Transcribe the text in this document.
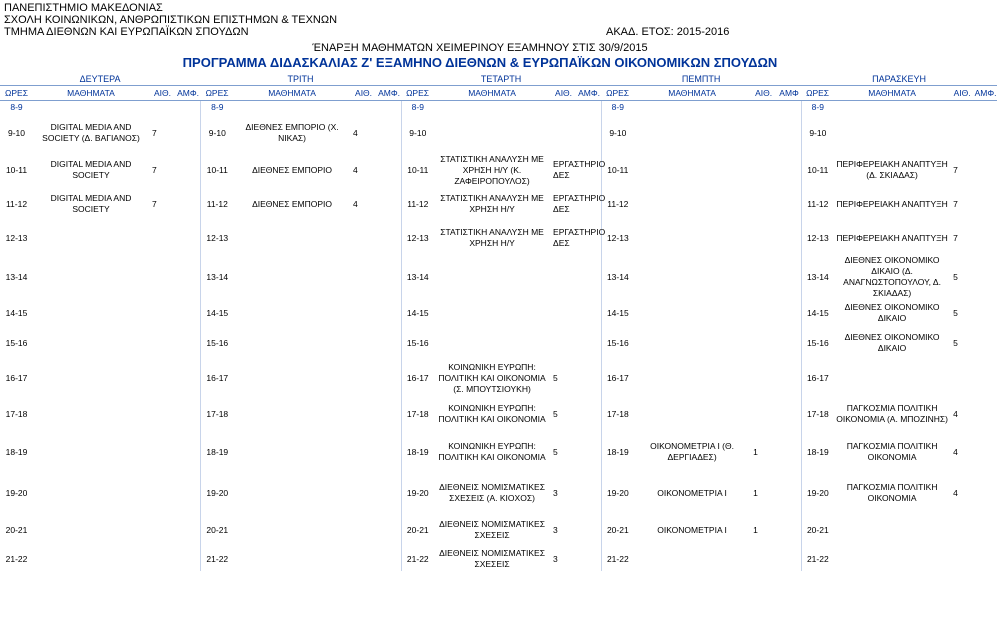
ΠΑΝΕΠΙΣΤΗΜΙΟ ΜΑΚΕΔΟΝΙΑΣ
ΣΧΟΛΗ ΚΟΙΝΩΝΙΚΩΝ, ΑΝΘΡΩΠΙΣΤΙΚΩΝ ΕΠΙΣΤΗΜΩΝ & ΤΕΧΝΩΝ
ΤΜΗΜΑ ΔΙΕΘΝΩΝ ΚΑΙ ΕΥΡΩΠΑΪΚΩΝ ΣΠΟΥΔΩΝ	ΑΚΑΔ. ΕΤΟΣ: 2015-2016
ΈΝΑΡΞΗ ΜΑΘΗΜΑΤΩΝ ΧΕΙΜΕΡΙΝΟΥ ΕΞΑΜΗΝΟΥ ΣΤΙΣ 30/9/2015
ΠΡΟΓΡΑΜΜΑ ΔΙΔΑΣΚΑΛΙΑΣ Ζ' ΕΞΑΜΗΝΟ ΔΙΕΘΝΩΝ & ΕΥΡΩΠΑΪΚΩΝ ΟΙΚΟΝΟΜΙΚΩΝ ΣΠΟΥΔΩΝ
ΔΕΥΤΕΡΑ				ΤΡΙΤΗ				ΤΕΤΑΡΤΗ				ΠΕΜΠΤΗ				ΠΑΡΑΣΚΕΥΗ			
ΩΡΕΣ	ΜΑΘΗΜΑΤΑ	ΑΙΘ.	ΑΜΦ.	ΩΡΕΣ	ΜΑΘΗΜΑΤΑ	ΑΙΘ.	ΑΜΦ.	ΩΡΕΣ	ΜΑΘΗΜΑΤΑ	ΑΙΘ.	ΑΜΦ.	ΩΡΕΣ	ΜΑΘΗΜΑΤΑ	ΑΙΘ.	ΑΜΦ	ΩΡΕΣ	ΜΑΘΗΜΑΤΑ	ΑΙΘ.	ΑΜΦ.
8-9				8-9				8-9				8-9				8-9			
9-10	DIGITAL MEDIA AND SOCIETY (Δ. ΒΑΓΙΑΝΟΣ)	7		9-10	ΔΙΕΘΝΕΣ ΕΜΠΟΡΙΟ (Χ. ΝΙΚΑΣ)	4		9-10				9-10				9-10			
10-11	DIGITAL MEDIA AND SOCIETY	7		10-11	ΔΙΕΘΝΕΣ ΕΜΠΟΡΙΟ	4		10-11	ΣΤΑΤΙΣΤΙΚΗ ΑΝΑΛΥΣΗ ΜΕ ΧΡΗΣΗ Η/Υ (Κ. ΖΑΦΕΙΡΟΠΟΥΛΟΣ)	ΕΡΓΑΣΤΗΡΙΟ ΔΕΣ		10-11				10-11	ΠΕΡΙΦΕΡΕΙΑΚΗ ΑΝΑΠΤΥΞΗ (Δ. ΣΚΙΑΔΑΣ)	7	
11-12	DIGITAL MEDIA AND SOCIETY	7		11-12	ΔΙΕΘΝΕΣ ΕΜΠΟΡΙΟ	4		11-12	ΣΤΑΤΙΣΤΙΚΗ ΑΝΑΛΥΣΗ ΜΕ ΧΡΗΣΗ Η/Υ	ΕΡΓΑΣΤΗΡΙΟ ΔΕΣ		11-12				11-12	ΠΕΡΙΦΕΡΕΙΑΚΗ ΑΝΑΠΤΥΞΗ	7	
12-13				12-13				12-13	ΣΤΑΤΙΣΤΙΚΗ ΑΝΑΛΥΣΗ ΜΕ ΧΡΗΣΗ Η/Υ	ΕΡΓΑΣΤΗΡΙΟ ΔΕΣ		12-13				12-13	ΠΕΡΙΦΕΡΕΙΑΚΗ ΑΝΑΠΤΥΞΗ	7	
13-14				13-14				13-14				13-14				13-14	ΔΙΕΘΝΕΣ ΟΙΚΟΝΟΜΙΚΟ ΔΙΚΑΙΟ (Δ. ΑΝΑΓΝΩΣΤΟΠΟΥΛΟΥ, Δ. ΣΚΙΑΔΑΣ)	5	
14-15				14-15				14-15				14-15				14-15	ΔΙΕΘΝΕΣ ΟΙΚΟΝΟΜΙΚΟ ΔΙΚΑΙΟ	5	
15-16				15-16				15-16				15-16				15-16	ΔΙΕΘΝΕΣ ΟΙΚΟΝΟΜΙΚΟ ΔΙΚΑΙΟ	5	
16-17				16-17				16-17	ΚΟΙΝΩΝΙΚΗ ΕΥΡΩΠΗ: ΠΟΛΙΤΙΚΗ ΚΑΙ ΟΙΚΟΝΟΜΙΑ (Σ. ΜΠΟΥΤΣΙΟΥΚΗ)	5		16-17				16-17			
17-18				17-18				17-18	ΚΟΙΝΩΝΙΚΗ ΕΥΡΩΠΗ: ΠΟΛΙΤΙΚΗ ΚΑΙ ΟΙΚΟΝΟΜΙΑ	5		17-18				17-18	ΠΑΓΚΟΣΜΙΑ ΠΟΛΙΤΙΚΗ ΟΙΚΟΝΟΜΙΑ (Α. ΜΠΟΖΙΝΗΣ)	4	
18-19				18-19				18-19	ΚΟΙΝΩΝΙΚΗ ΕΥΡΩΠΗ: ΠΟΛΙΤΙΚΗ ΚΑΙ ΟΙΚΟΝΟΜΙΑ	5		18-19	ΟΙΚΟΝΟΜΕΤΡΙΑ Ι (Θ. ΔΕΡΓΙΑΔΕΣ)	1		18-19	ΠΑΓΚΟΣΜΙΑ ΠΟΛΙΤΙΚΗ ΟΙΚΟΝΟΜΙΑ	4	
19-20				19-20				19-20	ΔΙΕΘΝΕΙΣ ΝΟΜΙΣΜΑΤΙΚΕΣ ΣΧΕΣΕΙΣ (Α. ΚΙΟΧΟΣ)	3		19-20	ΟΙΚΟΝΟΜΕΤΡΙΑ Ι	1		19-20	ΠΑΓΚΟΣΜΙΑ ΠΟΛΙΤΙΚΗ ΟΙΚΟΝΟΜΙΑ	4	
20-21				20-21				20-21	ΔΙΕΘΝΕΙΣ ΝΟΜΙΣΜΑΤΙΚΕΣ ΣΧΕΣΕΙΣ	3		20-21	ΟΙΚΟΝΟΜΕΤΡΙΑ Ι	1		20-21			
21-22				21-22				21-22	ΔΙΕΘΝΕΙΣ ΝΟΜΙΣΜΑΤΙΚΕΣ ΣΧΕΣΕΙΣ	3		21-22				21-22			
